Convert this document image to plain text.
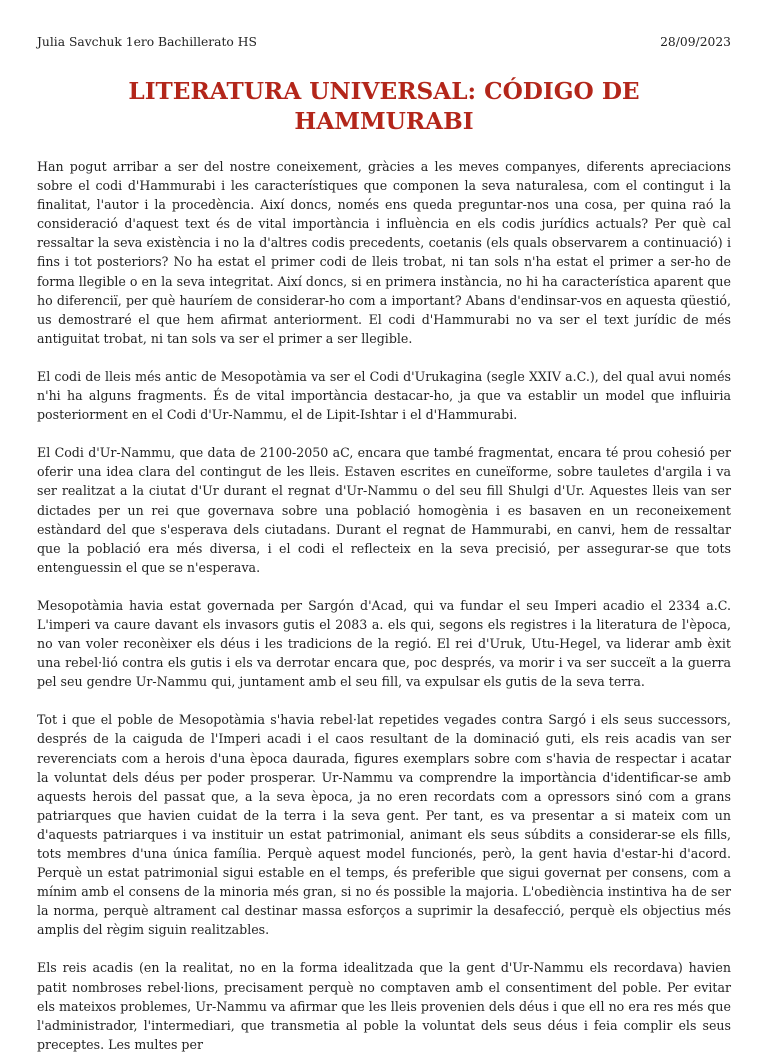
Julia Savchuk 1ero Bachillerato HS	28/09/2023
LITERATURA UNIVERSAL: CÓDIGO DE HAMMURABI

Han pogut arribar a ser del nostre coneixement, gràcies a les meves companyes, diferents apreciacions sobre el codi d'Hammurabi i les característiques que componen la seva naturalesa, com el contingut i la finalitat, l'autor i la procedència. Així doncs, només ens queda preguntar-nos una cosa, per quina raó la consideració d'aquest text és de vital importància i influència en els codis jurídics actuals? Per què cal ressaltar la seva existència i no la d'altres codis precedents, coetanis (els quals observarem a continuació) i fins i tot posteriors? No ha estat el primer codi de lleis trobat, ni tan sols n'ha estat el primer a ser-ho de forma llegible o en la seva integritat. Així doncs, si en primera instància, no hi ha característica aparent que ho diferenciï, per què hauríem de considerar-ho com a important? Abans d'endinsar-vos en aquesta qüestió, us demostraré el que hem afirmat anteriorment. El codi d'Hammurabi no va ser el text jurídic de més antiguitat trobat, ni tan sols va ser el primer a ser llegible.

El codi de lleis més antic de Mesopotàmia va ser el Codi d'Urukagina (segle XXIV a.C.), del qual avui només n'hi ha alguns fragments. És de vital importància destacar-ho, ja que va establir un model que influiria posteriorment en el Codi d'Ur-Nammu, el de Lipit-Ishtar i el d'Hammurabi.

El Codi d'Ur-Nammu, que data de 2100-2050 aC, encara que també fragmentat, encara té prou cohesió per oferir una idea clara del contingut de les lleis. Estaven escrites en cuneïforme, sobre tauletes d'argila i va ser realitzat a la ciutat d'Ur durant el regnat d'Ur-Nammu o del seu fill Shulgi d'Ur. Aquestes lleis van ser dictades per un rei que governava sobre una població homogènia i es basaven en un reconeixement estàndard del que s'esperava dels ciutadans. Durant el regnat de Hammurabi, en canvi, hem de ressaltar que la població era més diversa, i el codi el reflecteix en la seva precisió, per assegurar-se que tots entenguessin el que se n'esperava.

Mesopotàmia havia estat governada per Sargón d'Acad, qui va fundar el seu Imperi acadio el 2334 a.C. L'imperi va caure davant els invasors gutis el 2083 a. els qui, segons els registres i la literatura de l'època, no van voler reconèixer els déus i les tradicions de la regió. El rei d'Uruk, Utu-Hegel, va liderar amb èxit una rebel·lió contra els gutis i els va derrotar encara que, poc després, va morir i va ser succeït a la guerra pel seu gendre Ur-Nammu qui, juntament amb el seu fill, va expulsar els gutis de la seva terra.

Tot i que el poble de Mesopotàmia s'havia rebel·lat repetides vegades contra Sargó i els seus successors, després de la caiguda de l'Imperi acadi i el caos resultant de la dominació guti, els reis acadis van ser reverenciats com a herois d'una època daurada, figures exemplars sobre com s'havia de respectar i acatar la voluntat dels déus per poder prosperar. Ur-Nammu va comprendre la importància d'identificar-se amb aquests herois del passat que, a la seva època, ja no eren recordats com a opressors sinó com a grans patriarques que havien cuidat de la terra i la seva gent. Per tant, es va presentar a si mateix com un d'aquests patriarques i va instituir un estat patrimonial, animant els seus súbdits a considerar-se els fills, tots membres d'una única família. Perquè aquest model funcionés, però, la gent havia d'estar-hi d'acord. Perquè un estat patrimonial sigui estable en el temps, és preferible que sigui governat per consens, com a mínim amb el consens de la minoria més gran, si no és possible la majoria. L'obediència instintiva ha de ser la norma, perquè altrament cal destinar massa esforços a suprimir la desafecció, perquè els objectius més amplis del règim siguin realitzables.

Els reis acadis (en la realitat, no en la forma idealitzada que la gent d'Ur-Nammu els recordava) havien patit nombroses rebel·lions, precisament perquè no comptaven amb el consentiment del poble. Per evitar els mateixos problemes, Ur-Nammu va afirmar que les lleis provenien dels déus i que ell no era res més que l'administrador, l'intermediari, que transmetia al poble la voluntat dels seus déus i feia complir els seus preceptes. Les multes per
